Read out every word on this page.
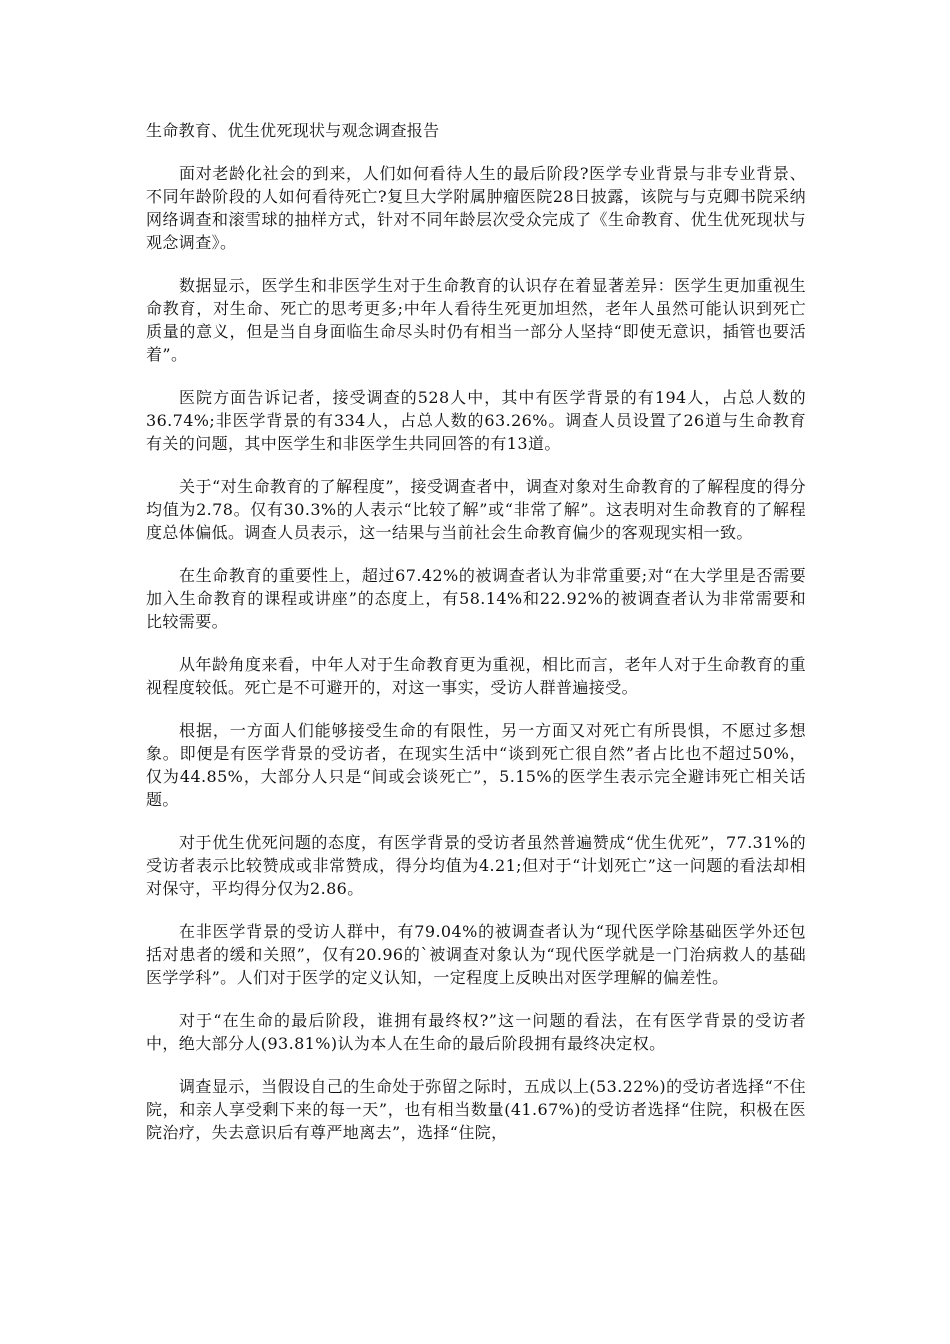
生命教育、优生优死现状与观念调查报告

面对老龄化社会的到来，人们如何看待人生的最后阶段?医学专业背景与非专业背景、不同年龄阶段的人如何看待死亡?复旦大学附属肿瘤医院28日披露，该院与与克卿书院采纳网络调查和滚雪球的抽样方式，针对不同年龄层次受众完成了《生命教育、优生优死现状与观念调查》。

数据显示，医学生和非医学生对于生命教育的认识存在着显著差异：医学生更加重视生命教育，对生命、死亡的思考更多;中年人看待生死更加坦然，老年人虽然可能认识到死亡质量的意义，但是当自身面临生命尽头时仍有相当一部分人坚持“即使无意识，插管也要活着”。

医院方面告诉记者，接受调查的528人中，其中有医学背景的有194人，占总人数的36.74%;非医学背景的有334人，占总人数的63.26%。调查人员设置了26道与生命教育有关的问题，其中医学生和非医学生共同回答的有13道。

关于“对生命教育的了解程度”，接受调查者中，调查对象对生命教育的了解程度的得分均值为2.78。仅有30.3%的人表示“比较了解”或“非常了解”。这表明对生命教育的了解程度总体偏低。调查人员表示，这一结果与当前社会生命教育偏少的客观现实相一致。

在生命教育的重要性上，超过67.42%的被调查者认为非常重要;对“在大学里是否需要加入生命教育的课程或讲座”的态度上，有58.14%和22.92%的被调查者认为非常需要和比较需要。

从年龄角度来看，中年人对于生命教育更为重视，相比而言，老年人对于生命教育的重视程度较低。死亡是不可避开的，对这一事实，受访人群普遍接受。

根据，一方面人们能够接受生命的有限性，另一方面又对死亡有所畏惧，不愿过多想象。即便是有医学背景的受访者，在现实生活中“谈到死亡很自然”者占比也不超过50%，仅为44.85%，大部分人只是“间或会谈死亡”，5.15%的医学生表示完全避讳死亡相关话题。

对于优生优死问题的态度，有医学背景的受访者虽然普遍赞成“优生优死”，77.31%的受访者表示比较赞成或非常赞成，得分均值为4.21;但对于“计划死亡”这一问题的看法却相对保守，平均得分仅为2.86。

在非医学背景的受访人群中，有79.04%的被调查者认为“现代医学除基础医学外还包括对患者的缓和关照”，仅有20.96的`被调查对象认为“现代医学就是一门治病救人的基础医学学科”。人们对于医学的定义认知，一定程度上反映出对医学理解的偏差性。

对于“在生命的最后阶段，谁拥有最终权?”这一问题的看法，在有医学背景的受访者中，绝大部分人(93.81%)认为本人在生命的最后阶段拥有最终决定权。

调查显示，当假设自己的生命处于弥留之际时，五成以上(53.22%)的受访者选择“不住院，和亲人享受剩下来的每一天”，也有相当数量(41.67%)的受访者选择“住院，积极在医院治疗，失去意识后有尊严地离去”，选择“住院，
